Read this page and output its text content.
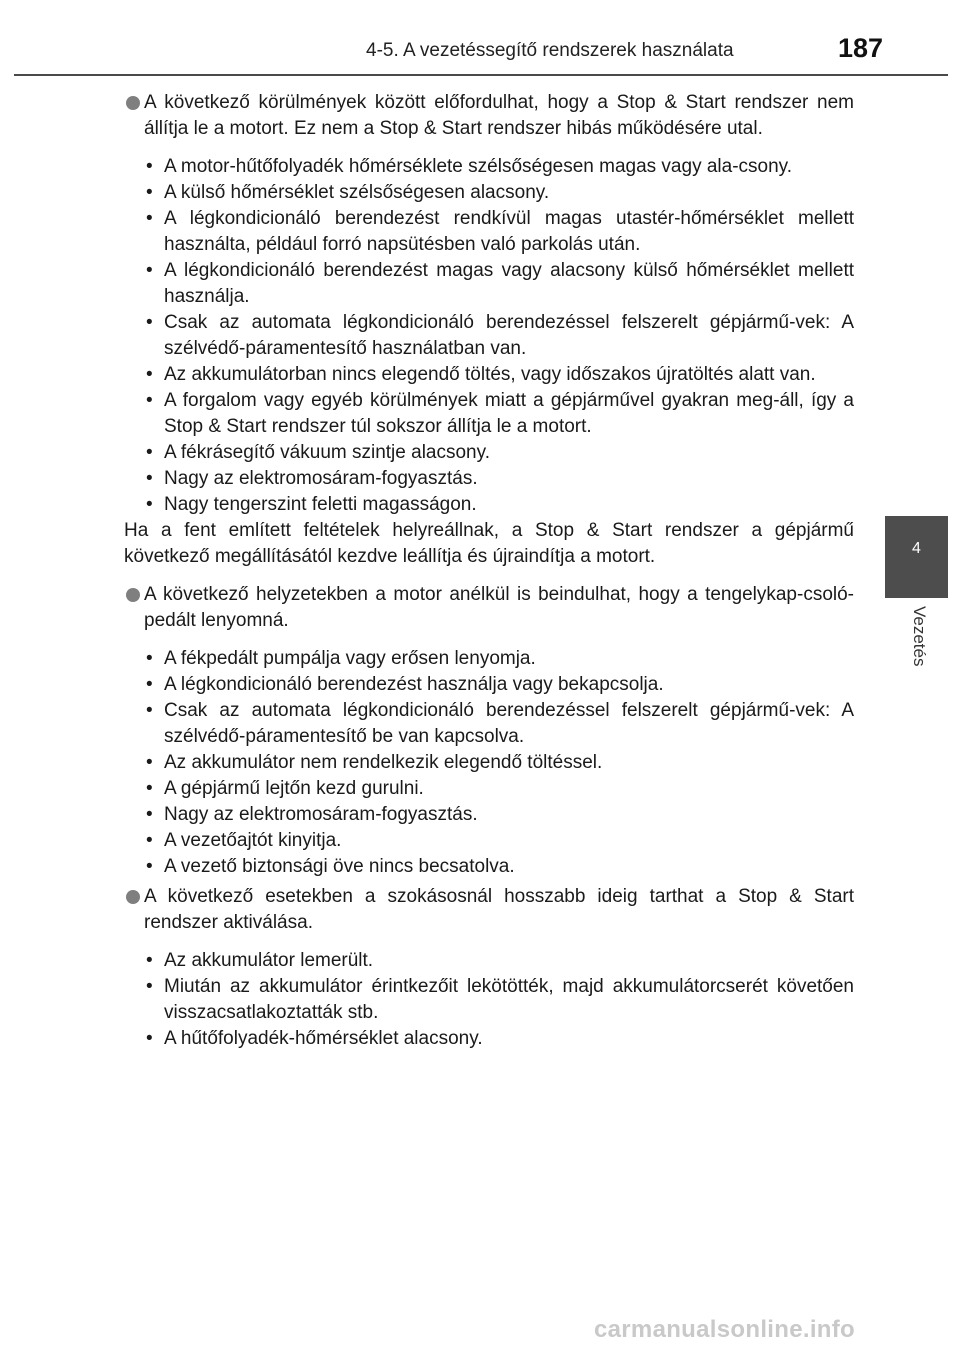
4-5. A vezetéssegítő rendszerek használata	187
A következő körülmények között előfordulhat, hogy a Stop & Start rendszer nem állítja le a motort. Ez nem a Stop & Start rendszer hibás működésére utal.
• A motor-hűtőfolyadék hőmérséklete szélsőségesen magas vagy ala-csony.
• A külső hőmérséklet szélsőségesen alacsony.
• A légkondicionáló berendezést rendkívül magas utastér-hőmérséklet mellett használta, például forró napsütésben való parkolás után.
• A légkondicionáló berendezést magas vagy alacsony külső hőmérséklet mellett használja.
• Csak az automata légkondicionáló berendezéssel felszerelt gépjármű-vek: A szélvédő-páramentesítő használatban van.
• Az akkumulátorban nincs elegendő töltés, vagy időszakos újratöltés alatt van.
• A forgalom vagy egyéb körülmények miatt a gépjárművel gyakran meg-áll, így a Stop & Start rendszer túl sokszor állítja le a motort.
• A fékrásegítő vákuum szintje alacsony.
• Nagy az elektromosáram-fogyasztás.
• Nagy tengerszint feletti magasságon.

Ha a fent említett feltételek helyreállnak, a Stop & Start rendszer a gépjármű következő megállításától kezdve leállítja és újraindítja a motort.

A következő helyzetekben a motor anélkül is beindulhat, hogy a tengelykap-csoló-pedált lenyomná.
• A fékpedált pumpálja vagy erősen lenyomja.
• A légkondicionáló berendezést használja vagy bekapcsolja.
• Csak az automata légkondicionáló berendezéssel felszerelt gépjármű-vek: A szélvédő-páramentesítő be van kapcsolva.
• Az akkumulátor nem rendelkezik elegendő töltéssel.
• A gépjármű lejtőn kezd gurulni.
• Nagy az elektromosáram-fogyasztás.
• A vezetőajtót kinyitja.
• A vezető biztonsági öve nincs becsatolva.
A következő esetekben a szokásosnál hosszabb ideig tarthat a Stop & Start rendszer aktiválása.
• Az akkumulátor lemerült.
• Miután az akkumulátor érintkezőit lekötötték, majd akkumulátorcserét követően visszacsatlakoztatták stb.
• A hűtőfolyadék-hőmérséklet alacsony.
4
Vezetés
carmanualsonline.info
